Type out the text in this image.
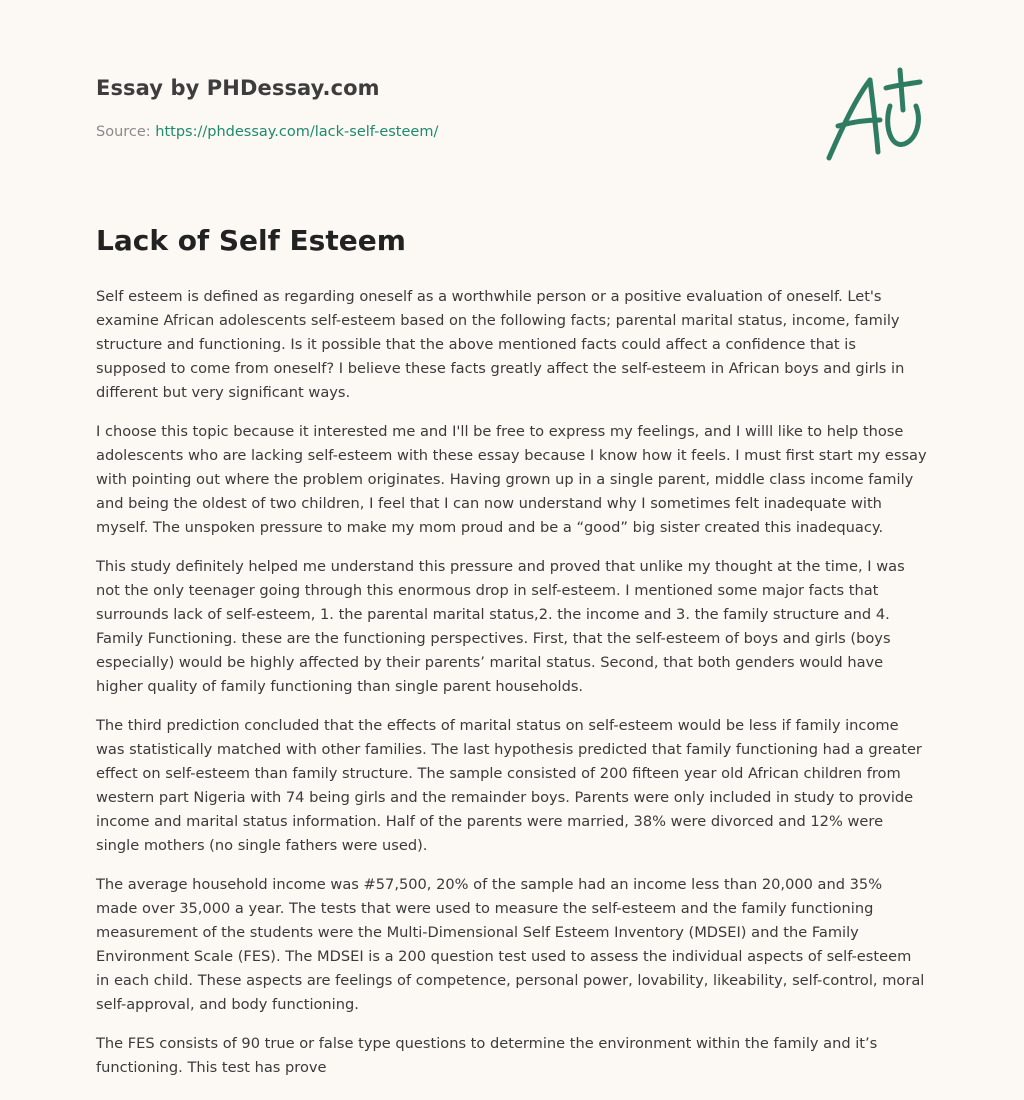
Essay by PHDessay.com
Source: https://phdessay.com/lack-self-esteem/
Lack of Self Esteem

Self esteem is defined as regarding oneself as a worthwhile person or a positive evaluation of oneself. Let's examine African adolescents self-esteem based on the following facts; parental marital status, income, family structure and functioning. Is it possible that the above mentioned facts could affect a confidence that is supposed to come from oneself? I believe these facts greatly affect the self-esteem in African boys and girls in different but very significant ways.

I choose this topic because it interested me and I'll be free to express my feelings, and I willl like to help those adolescents who are lacking self-esteem with these essay because I know how it feels. I must first start my essay with pointing out where the problem originates. Having grown up in a single parent, middle class income family and being the oldest of two children, I feel that I can now understand why I sometimes felt inadequate with myself. The unspoken pressure to make my mom proud and be a “good” big sister created this inadequacy.

This study definitely helped me understand this pressure and proved that unlike my thought at the time, I was not the only teenager going through this enormous drop in self-esteem. I mentioned some major facts that surrounds lack of self-esteem, 1. the parental marital status,2. the income and 3. the family structure and 4. Family Functioning. these are the functioning perspectives. First, that the self-esteem of boys and girls (boys especially) would be highly affected by their parents’ marital status. Second, that both genders would have higher quality of family functioning than single parent households.

The third prediction concluded that the effects of marital status on self-esteem would be less if family income was statistically matched with other families. The last hypothesis predicted that family functioning had a greater effect on self-esteem than family structure. The sample consisted of 200 fifteen year old African children from western part Nigeria with 74 being girls and the remainder boys. Parents were only included in study to provide income and marital status information. Half of the parents were married, 38% were divorced and 12% were single mothers (no single fathers were used).

The average household income was #57,500, 20% of the sample had an income less than 20,000 and 35% made over 35,000 a year. The tests that were used to measure the self-esteem and the family functioning measurement of the students were the Multi-Dimensional Self Esteem Inventory (MDSEI) and the Family Environment Scale (FES). The MDSEI is a 200 question test used to assess the individual aspects of self-esteem in each child. These aspects are feelings of competence, personal power, lovability, likeability, self-control, moral self-approval, and body functioning.

The FES consists of 90 true or false type questions to determine the environment within the family and it’s functioning. This test has prove
